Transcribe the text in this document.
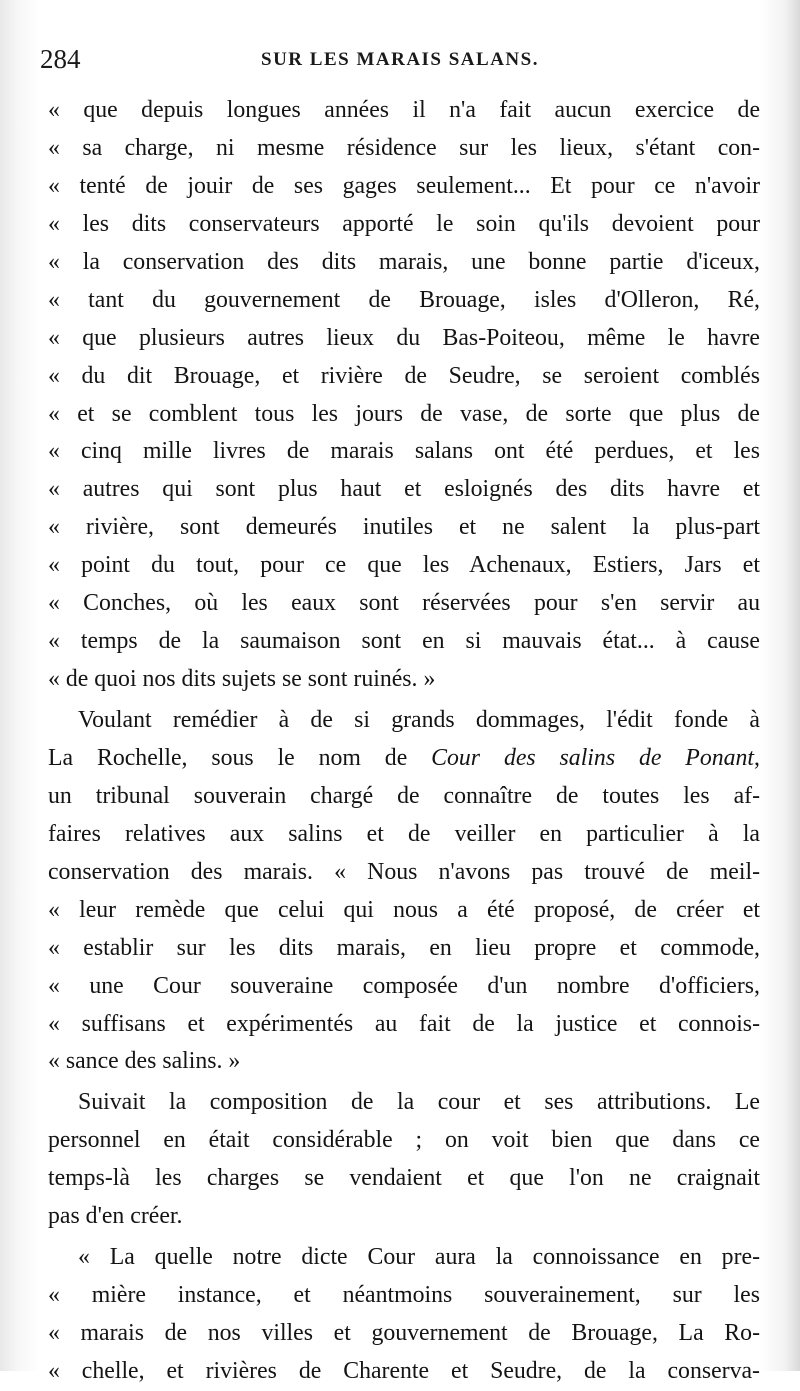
284	SUR LES MARAIS SALANS.
« que depuis longues années il n'a fait aucun exercice de
« sa charge, ni mesme résidence sur les lieux, s'étant con-
« tenté de jouir de ses gages seulement... Et pour ce n'avoir
« les dits conservateurs apporté le soin qu'ils devoient pour
« la conservation des dits marais, une bonne partie d'iceux,
« tant du gouvernement de Brouage, isles d'Olleron, Ré,
« que plusieurs autres lieux du Bas-Poiteou, même le havre
« du dit Brouage, et rivière de Seudre, se seroient comblés
« et se comblent tous les jours de vase, de sorte que plus de
« cinq mille livres de marais salans ont été perdues, et les
« autres qui sont plus haut et esloignés des dits havre et
« rivière, sont demeurés inutiles et ne salent la plus-part
« point du tout, pour ce que les Achenaux, Estiers, Jars et
« Conches, où les eaux sont réservées pour s'en servir au
« temps de la saumaison sont en si mauvais état... à cause
« de quoi nos dits sujets se sont ruinés. »
Voulant remédier à de si grands dommages, l'édit fonde à
La Rochelle, sous le nom de Cour des salins de Ponant,
un tribunal souverain chargé de connaître de toutes les af-
faires relatives aux salins et de veiller en particulier à la
conservation des marais. « Nous n'avons pas trouvé de meil-
« leur remède que celui qui nous a été proposé, de créer et
« establir sur les dits marais, en lieu propre et commode,
« une Cour souveraine composée d'un nombre d'officiers,
« suffisans et expérimentés au fait de la justice et connois-
« sance des salins. »
Suivait la composition de la cour et ses attributions. Le
personnel en était considérable ; on voit bien que dans ce
temps-là les charges se vendaient et que l'on ne craignait
pas d'en créer.
« La quelle notre dicte Cour aura la connoissance en pre-
« mière instance, et néantmoins souverainement, sur les
« marais de nos villes et gouvernement de Brouage, La Ro-
« chelle, et rivières de Charente et Seudre, de la conserva-
